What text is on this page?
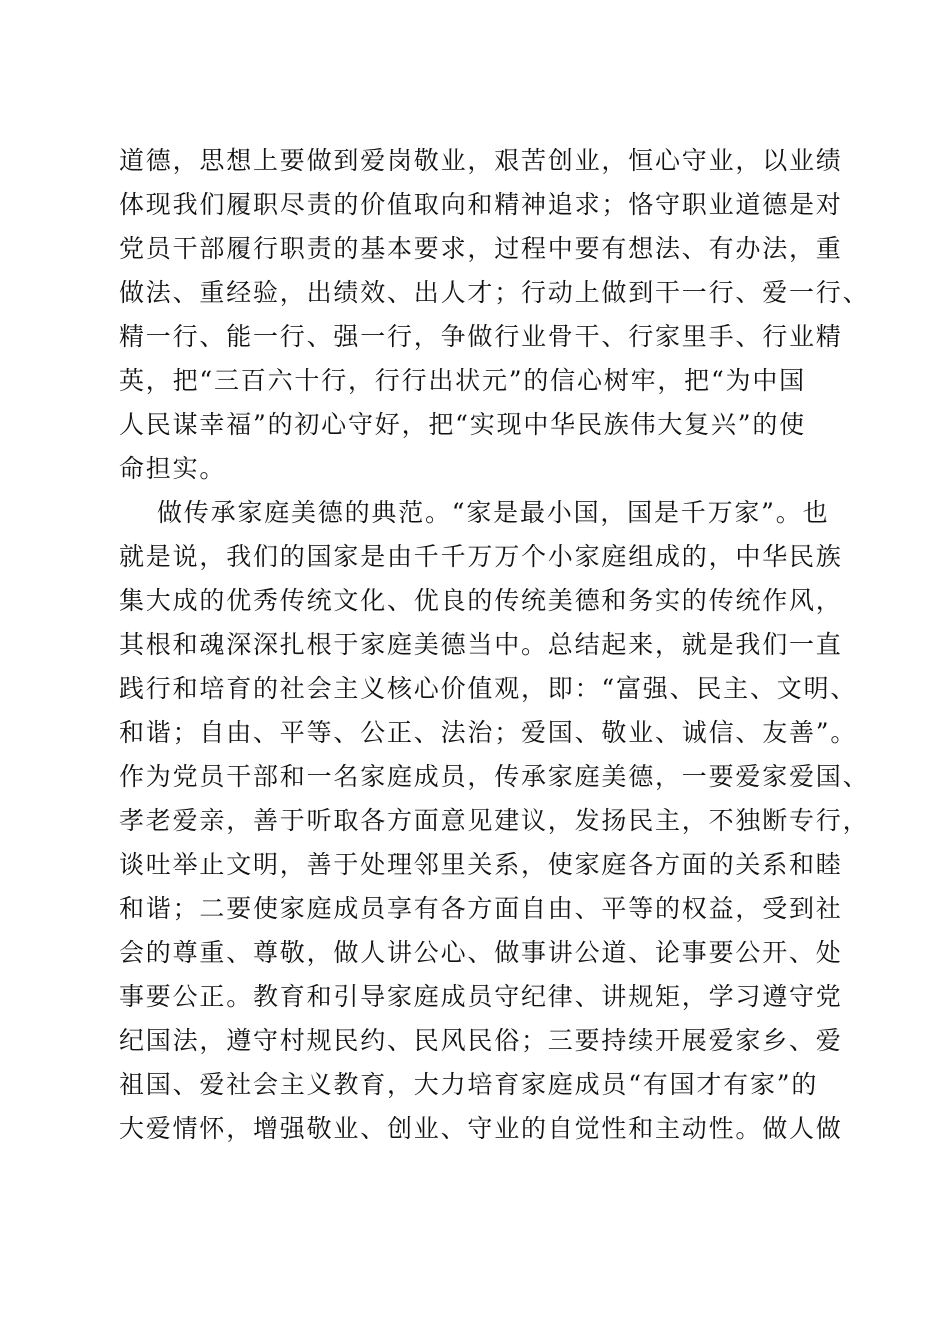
道德，思想上要做到爱岗敬业，艰苦创业，恒心守业，以业绩
体现我们履职尽责的价值取向和精神追求；恪守职业道德是对
党员干部履行职责的基本要求，过程中要有想法、有办法，重
做法、重经验，出绩效、出人才；行动上做到干一行、爱一行、
精一行、能一行、强一行，争做行业骨干、行家里手、行业精
英，把“三百六十行，行行出状元”的信心树牢，把“为中国
人民谋幸福”的初心守好，把“实现中华民族伟大复兴”的使
命担实。
做传承家庭美德的典范。“家是最小国，国是千万家”。也
就是说，我们的国家是由千千万万个小家庭组成的，中华民族
集大成的优秀传统文化、优良的传统美德和务实的传统作风，
其根和魂深深扎根于家庭美德当中。总结起来，就是我们一直
践行和培育的社会主义核心价值观，即：“富强、民主、文明、
和谐；自由、平等、公正、法治；爱国、敬业、诚信、友善”。
作为党员干部和一名家庭成员，传承家庭美德，一要爱家爱国、
孝老爱亲，善于听取各方面意见建议，发扬民主，不独断专行，
谈吐举止文明，善于处理邻里关系，使家庭各方面的关系和睦
和谐；二要使家庭成员享有各方面自由、平等的权益，受到社
会的尊重、尊敬，做人讲公心、做事讲公道、论事要公开、处
事要公正。教育和引导家庭成员守纪律、讲规矩，学习遵守党
纪国法，遵守村规民约、民风民俗；三要持续开展爱家乡、爱
祖国、爱社会主义教育，大力培育家庭成员“有国才有家”的
大爱情怀，增强敬业、创业、守业的自觉性和主动性。做人做
